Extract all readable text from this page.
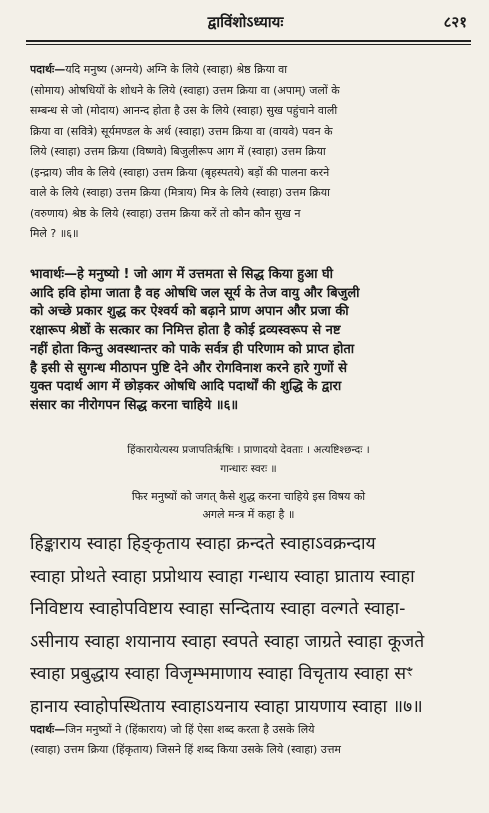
द्वाविंशोऽध्यायः	८२१
पदार्थः—यदि मनुष्य (अग्नये) अग्नि के लिये (स्वाहा) श्रेष्ठ क्रिया वा
(सोमाय) ओषधियों के शोधने के लिये (स्वाहा) उत्तम क्रिया वा (अपाम्) जलों के
सम्बन्ध से जो (मोदाय) आनन्द होता है उस के लिये (स्वाहा) सुख पहुंचाने वाली
क्रिया वा (सवित्रे) सूर्यमण्डल के अर्थ (स्वाहा) उत्तम क्रिया वा (वायवे) पवन के
लिये (स्वाहा) उत्तम क्रिया (विष्णवे) बिजुलीरूप आग में (स्वाहा) उत्तम क्रिया
(इन्द्राय) जीव के लिये (स्वाहा) उत्तम क्रिया (बृहस्पतये) बड़ों की पालना करने
वाले के लिये (स्वाहा) उत्तम क्रिया (मित्राय) मित्र के लिये (स्वाहा) उत्तम क्रिया
(वरुणाय) श्रेष्ठ के लिये (स्वाहा) उत्तम क्रिया करें तो कौन कौन सुख न
मिले ? ॥६॥
भावार्थः—हे मनुष्यो ! जो आग में उत्तमता से सिद्ध किया हुआ घी
आदि हवि होमा जाता है वह ओषधि जल सूर्य के तेज वायु और बिजुली
को अच्छे प्रकार शुद्ध कर ऐश्वर्य को बढ़ाने प्राण अपान और प्रजा की
रक्षारूप श्रेष्ठों के सत्कार का निमित्त होता है कोई द्रव्यस्वरूप से नष्ट
नहीं होता किन्तु अवस्थान्तर को पाके सर्वत्र ही परिणाम को प्राप्त होता
है इसी से सुगन्ध मीठापन पुष्टि देने और रोगविनाश करने हारे गुणों से
युक्त पदार्थ आग में छोड़कर ओषधि आदि पदार्थों की शुद्धि के द्वारा
संसार का नीरोगपन सिद्ध करना चाहिये ॥६॥
हिंकारायेत्यस्य प्रजापतिर्ऋषिः । प्राणादयो देवताः । अत्यष्टिश्छन्दः ।
गान्धारः स्वरः ॥
फिर मनुष्यों को जगत् कैसे शुद्ध करना चाहिये इस विषय को
अगले मन्त्र में कहा है ॥
हिङ्काराय स्वाहा हिङ्कृताय स्वाहा क्रन्दते स्वाहाऽवक्रन्दाय
स्वाहा प्रोथते स्वाहा प्रप्रोथाय स्वाहा गन्धाय स्वाहा घ्राताय स्वाहा
निविष्टाय स्वाहोपविष्टाय स्वाहा सन्दिताय स्वाहा वल्गते स्वाहा-
ऽसीनाय स्वाहा शयानाय स्वाहा स्वपते स्वाहा जाग्रते स्वाहा कूजते
स्वाहा प्रबुद्धाय स्वाहा विजृम्भमाणाय स्वाहा विचृताय स्वाहा सꣳ
हानाय स्वाहोपस्थिताय स्वाहाऽयनाय स्वाहा प्रायणाय स्वाहा ॥७॥
पदार्थः—जिन मनुष्यों ने (हिंकाराय) जो हिं ऐसा शब्द करता है उसके लिये
(स्वाहा) उत्तम क्रिया (हिंकृताय) जिसने हिं शब्द किया उसके लिये (स्वाहा) उत्तम
